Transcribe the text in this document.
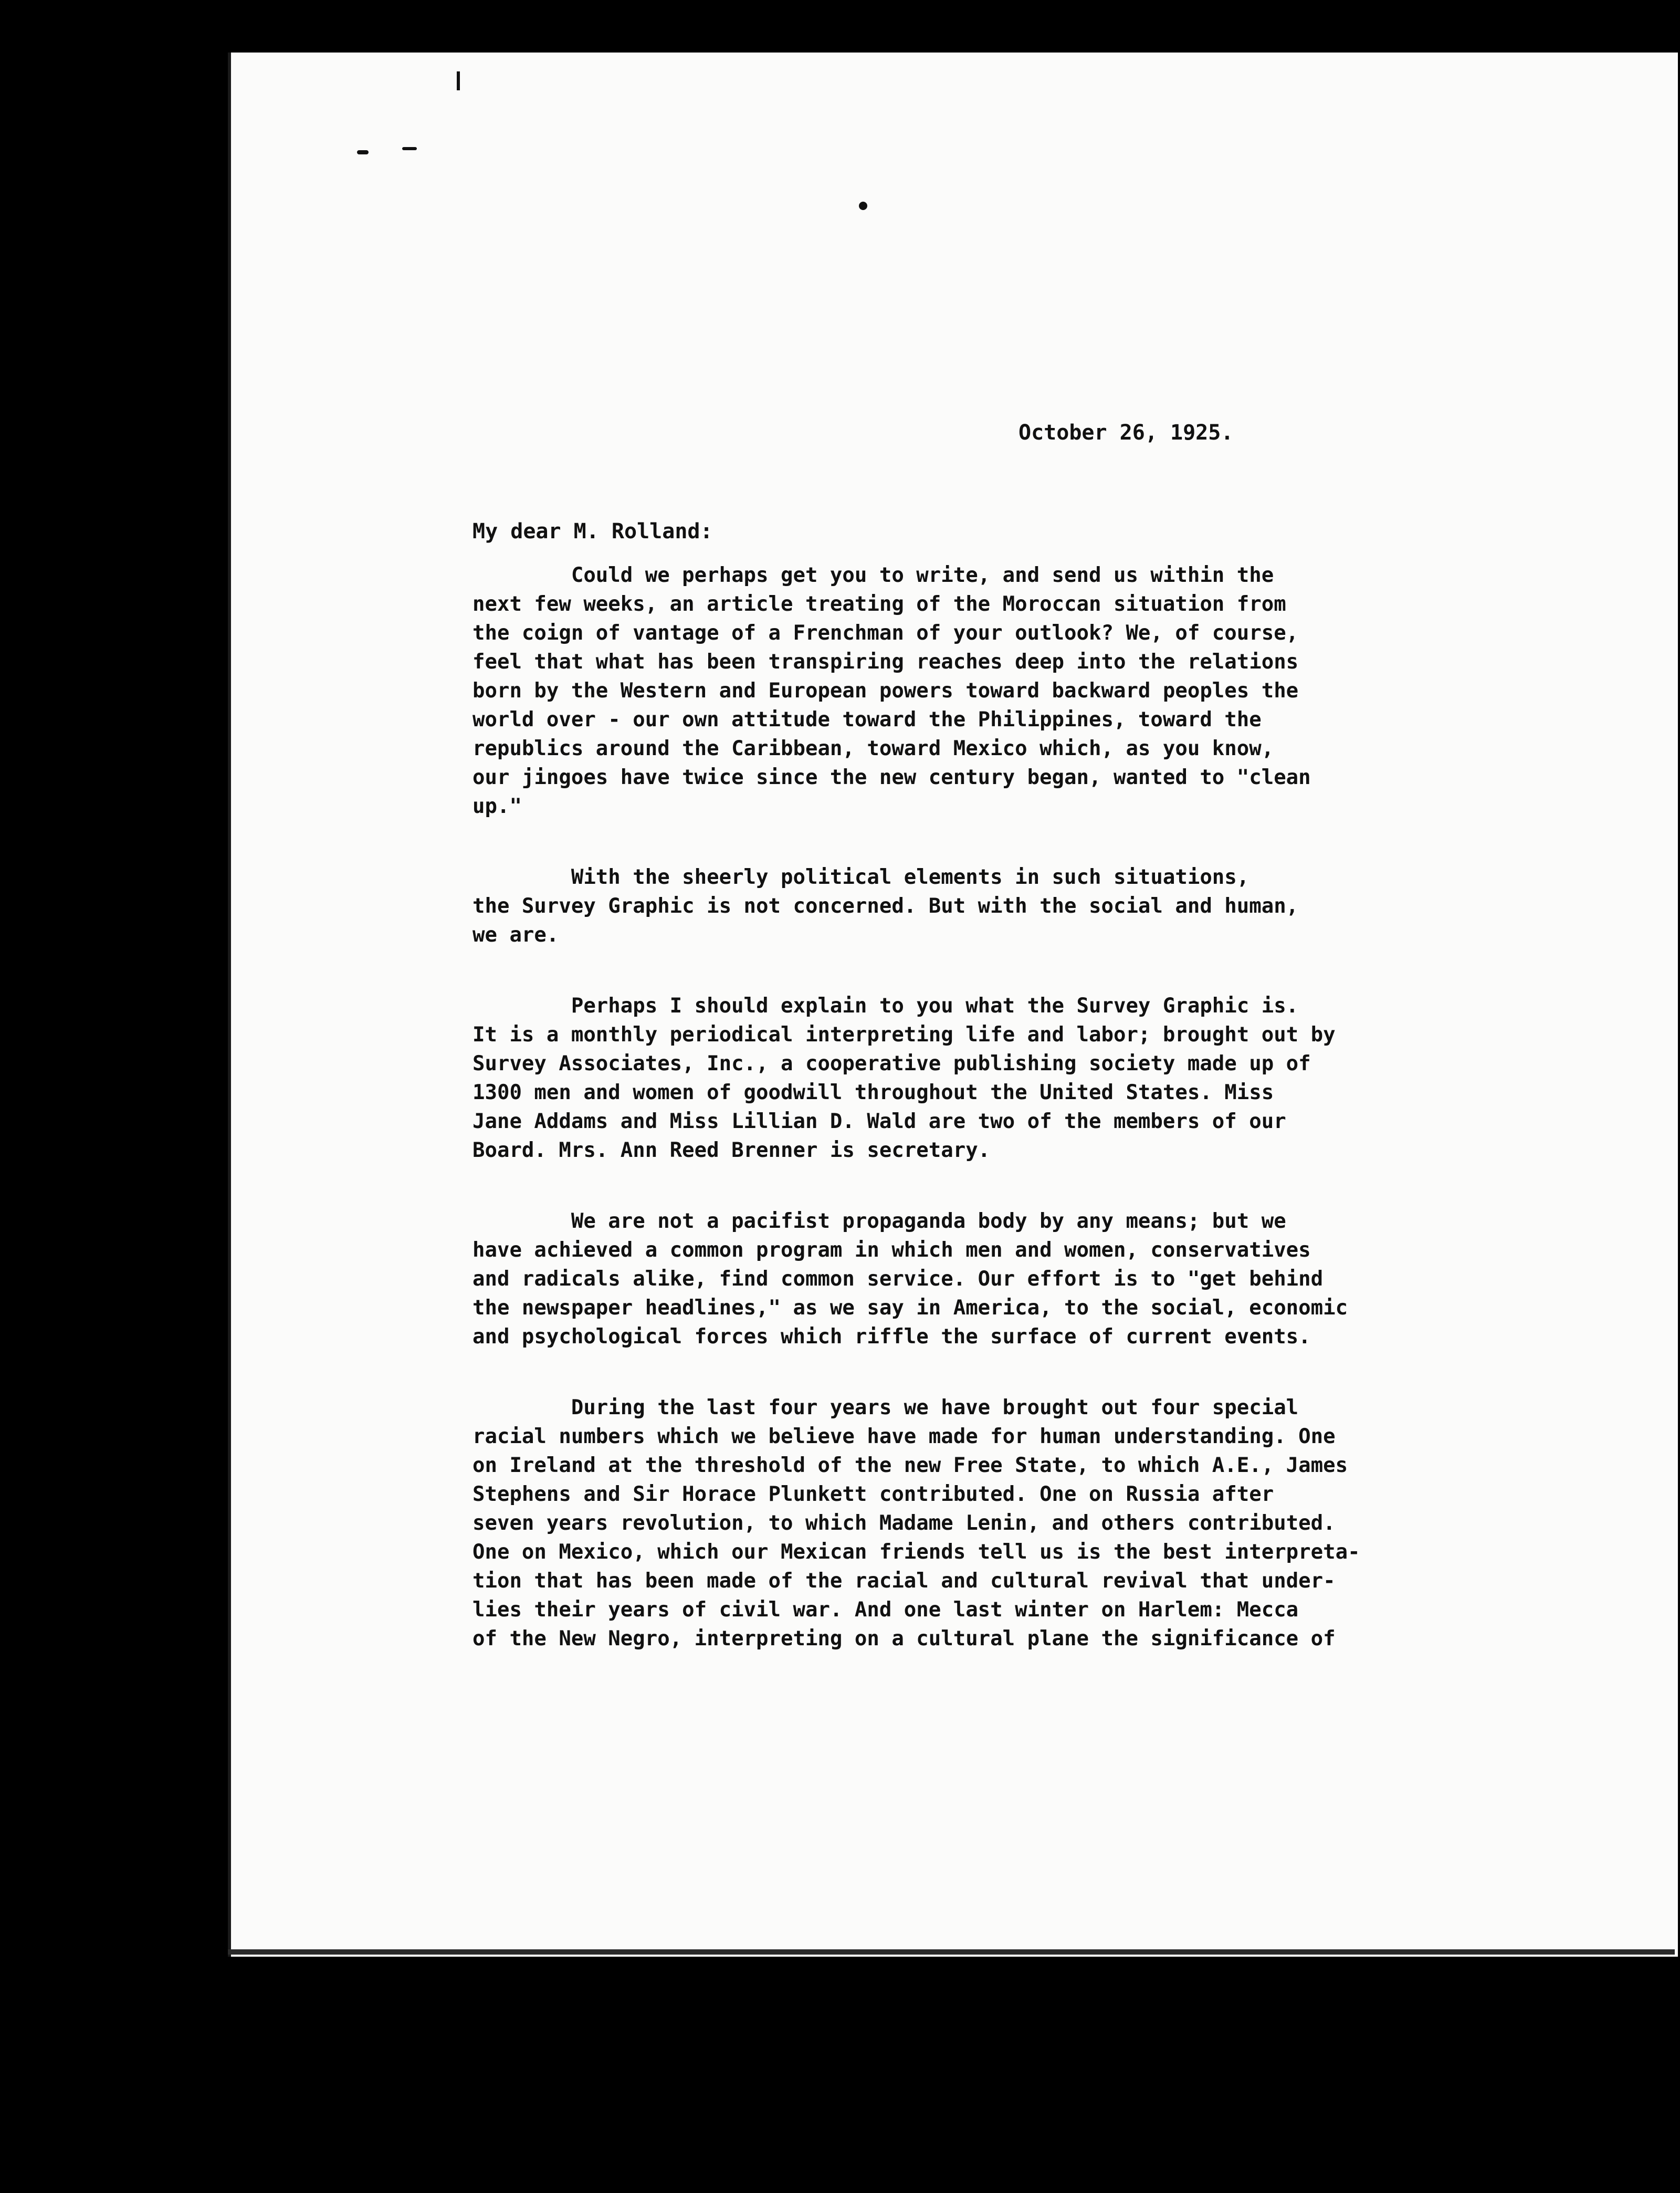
October 26, 1925.
My dear M. Rolland:
Could we perhaps get you to write, and send us within the
next few weeks, an article treating of the Moroccan situation from
the coign of vantage of a Frenchman of your outlook? We, of course,
feel that what has been transpiring reaches deep into the relations
born by the Western and European powers toward backward peoples the
world over - our own attitude toward the Philippines, toward the
republics around the Caribbean, toward Mexico which, as you know,
our jingoes have twice since the new century began, wanted to "clean
up."
With the sheerly political elements in such situations,
the Survey Graphic is not concerned. But with the social and human,
we are.
Perhaps I should explain to you what the Survey Graphic is.
It is a monthly periodical interpreting life and labor; brought out by
Survey Associates, Inc., a cooperative publishing society made up of
1300 men and women of goodwill throughout the United States. Miss
Jane Addams and Miss Lillian D. Wald are two of the members of our
Board. Mrs. Ann Reed Brenner is secretary.
We are not a pacifist propaganda body by any means; but we
have achieved a common program in which men and women, conservatives
and radicals alike, find common service. Our effort is to "get behind
the newspaper headlines," as we say in America, to the social, economic
and psychological forces which riffle the surface of current events.
During the last four years we have brought out four special
racial numbers which we believe have made for human understanding. One
on Ireland at the threshold of the new Free State, to which A.E., James
Stephens and Sir Horace Plunkett contributed. One on Russia after
seven years revolution, to which Madame Lenin, and others contributed.
One on Mexico, which our Mexican friends tell us is the best interpreta-
tion that has been made of the racial and cultural revival that under-
lies their years of civil war. And one last winter on Harlem: Mecca
of the New Negro, interpreting on a cultural plane the significance of
